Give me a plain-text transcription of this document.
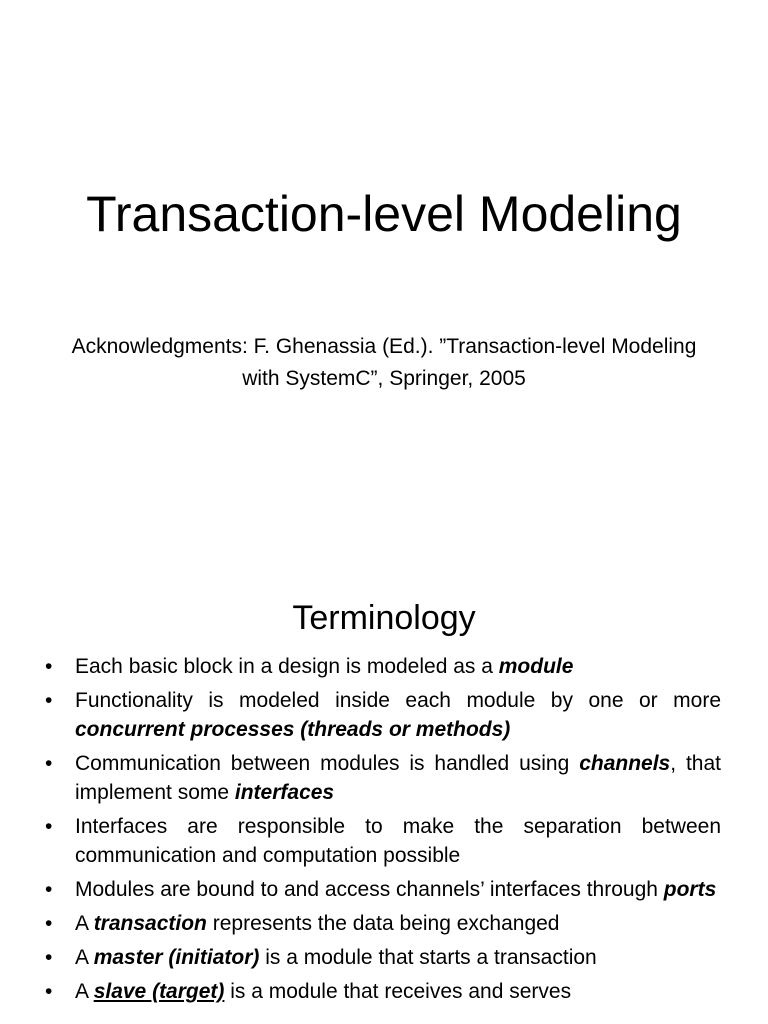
Transaction-level Modeling
Acknowledgments: F. Ghenassia (Ed.). ”Transaction-level Modeling
with SystemC”, Springer, 2005
Terminology
• Each basic block in a design is modeled as a module
• Functionality is modeled inside each module by one or more concurrent processes (threads or methods)
• Communication between modules is handled using channels, that implement some interfaces
• Interfaces are responsible to make the separation between communication and computation possible
• Modules are bound to and access channels’ interfaces through ports
• A transaction represents the data being exchanged
• A master (initiator) is a module that starts a transaction
• A slave (target) is a module that receives and serves
